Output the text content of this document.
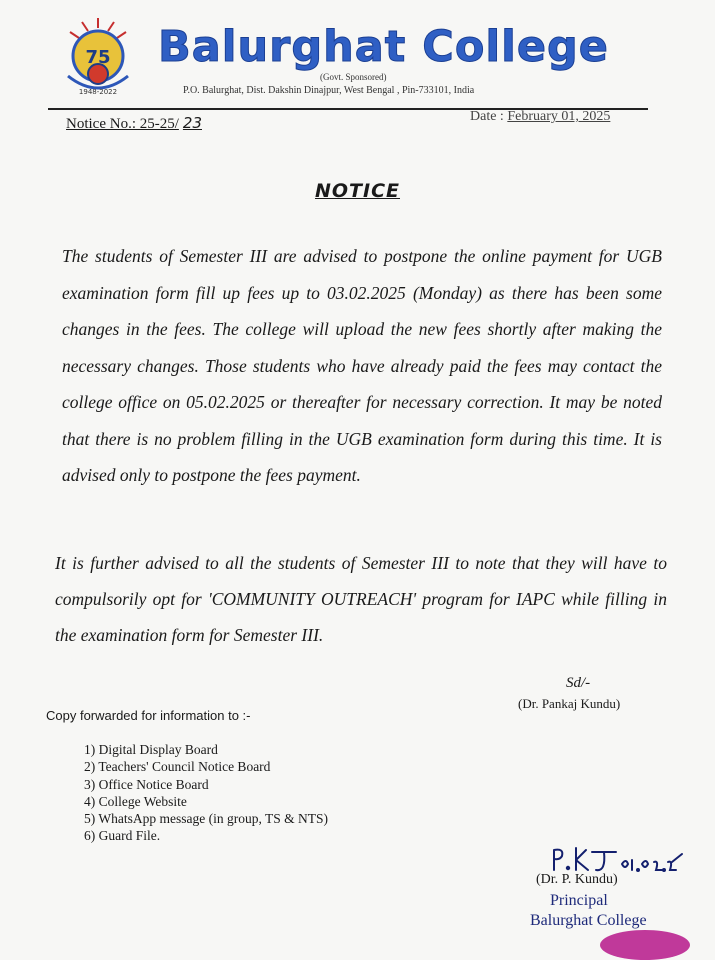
75
1948-2022
Balurghat College
(Govt. Sponsored)
P.O. Balurghat, Dist. Dakshin Dinajpur, West Bengal , Pin-733101, India
Notice No.: 25-25/ 23	Date : February 01, 2025
NOTICE
The students of Semester III are advised to postpone the online payment for UGB examination form fill up fees up to 03.02.2025 (Monday) as there has been some changes in the fees. The college will upload the new fees shortly after making the necessary changes. Those students who have already paid the fees may contact the college office on 05.02.2025 or thereafter for necessary correction. It may be noted that there is no problem filling in the UGB examination form during this time. It is advised only to postpone the fees payment.
It is further advised to all the students of Semester III to note that they will have to compulsorily opt for 'COMMUNITY OUTREACH' program for IAPC while filling in the examination form for Semester III.
Sd/-
(Dr. Pankaj Kundu)
Copy forwarded for information to :-
1) Digital Display Board
2) Teachers' Council Notice Board
3) Office Notice Board
4) College Website
5) WhatsApp message (in group, TS & NTS)
6) Guard File.
(Dr. P. Kundu)
Principal
Balurghat College
